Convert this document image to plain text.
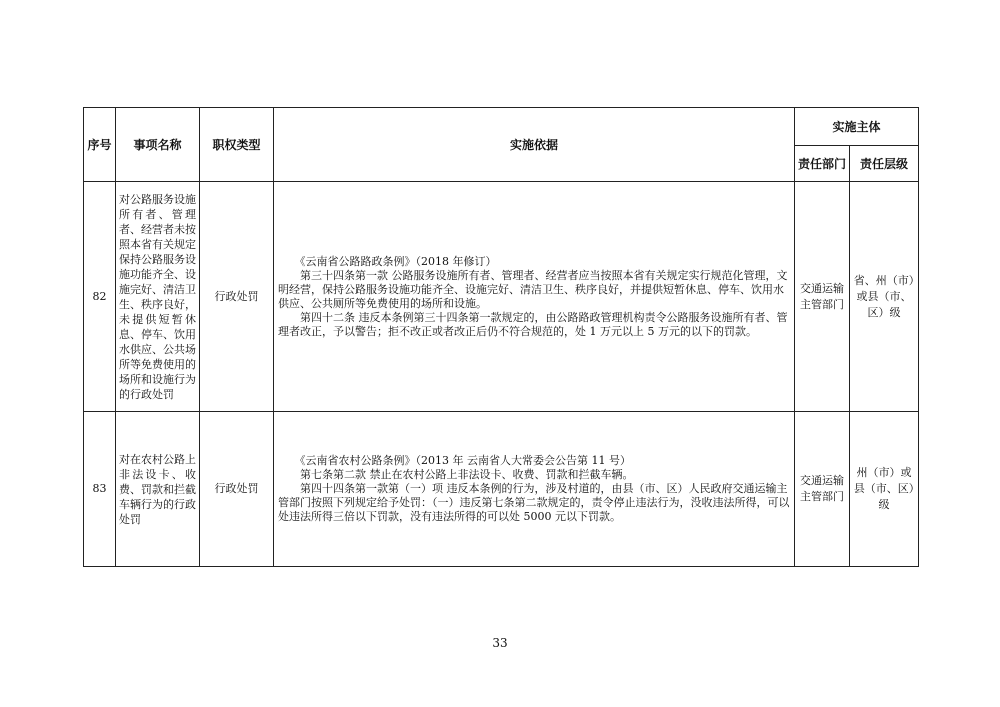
序号	事项名称	职权类型	实施依据	实施主体	
				责任部门	责任层级
82	对公路服务设施所有者、管理者、经营者未按照本省有关规定保持公路服务设施功能齐全、设施完好、清洁卫生、秩序良好，未提供短暂休息、停车、饮用水供应、公共场所等免费使用的场所和设施行为的行政处罚	行政处罚	《云南省公路路政条例》（2018 年修订）

第三十四条第一款 公路服务设施所有者、管理者、经营者应当按照本省有关规定实行规范化管理，文明经营，保持公路服务设施功能齐全、设施完好、清洁卫生、秩序良好，并提供短暂休息、停车、饮用水供应、公共厕所等免费使用的场所和设施。

第四十二条 违反本条例第三十四条第一款规定的，由公路路政管理机构责令公路服务设施所有者、管理者改正，予以警告；拒不改正或者改正后仍不符合规范的，处 1 万元以上 5 万元的以下的罚款。	交通运输主管部门	省、州（市）或县（市、区）级
83	对在农村公路上非法设卡、收费、罚款和拦截车辆行为的行政处罚	行政处罚	《云南省农村公路条例》（2013 年 云南省人大常委会公告第 11 号）

第七条第二款 禁止在农村公路上非法设卡、收费、罚款和拦截车辆。

第四十四条第一款第（一）项 违反本条例的行为，涉及村道的，由县（市、区）人民政府交通运输主管部门按照下列规定给予处罚：（一）违反第七条第二款规定的，责令停止违法行为，没收违法所得，可以处违法所得三倍以下罚款，没有违法所得的可以处 5000 元以下罚款。	交通运输主管部门	州（市）或县（市、区）级
33
